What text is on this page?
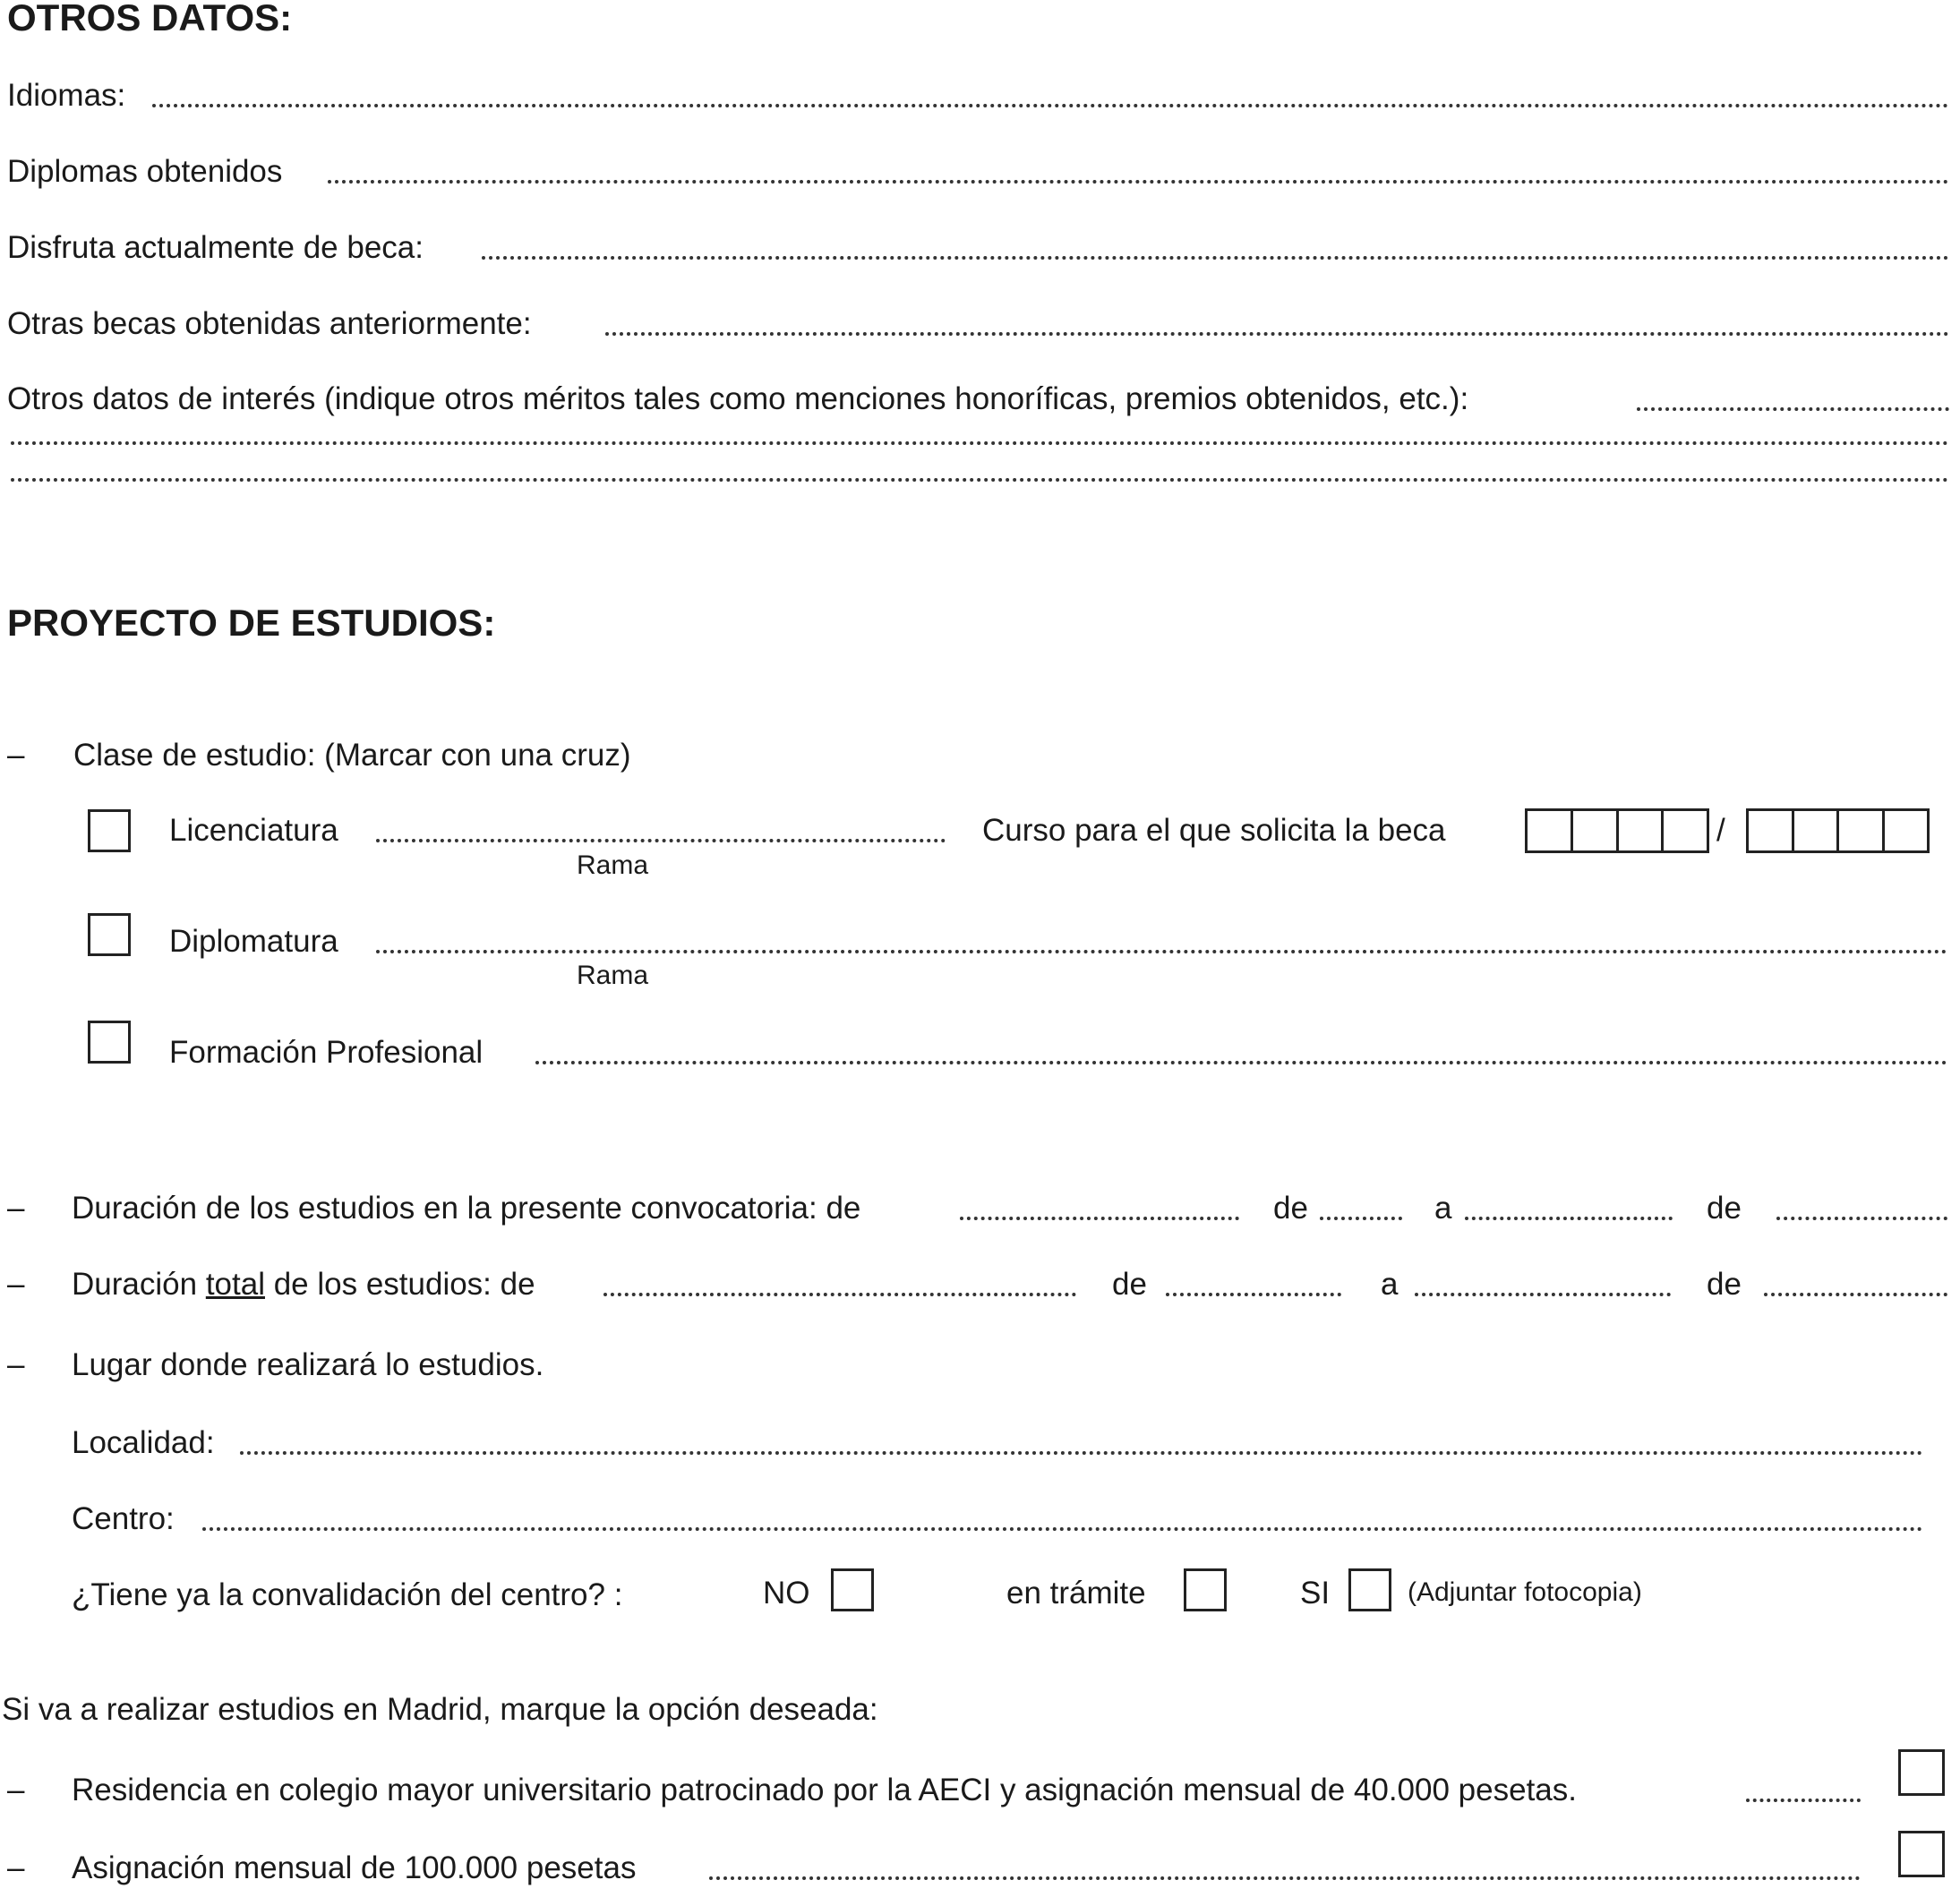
OTROS DATOS:
Idiomas:
Diplomas obtenidos
Disfruta actualmente de beca:
Otras becas obtenidas anteriormente:
Otros datos de interés (indique otros méritos tales como menciones honoríficas, premios obtenidos, etc.):
PROYECTO DE ESTUDIOS:
– Clase de estudio: (Marcar con una cruz)
Licenciatura
Rama
Curso para el que solicita la beca	/
Diplomatura
Rama
Formación Profesional
– Duración de los estudios en la presente convocatoria: de	de	a	de
– Duración total de los estudios: de	de	a	de
– Lugar donde realizará lo estudios.
Localidad:
Centro:
¿Tiene ya la convalidación del centro? :	NO	en trámite	SI	(Adjuntar fotocopia)
Si va a realizar estudios en Madrid, marque la opción deseada:
– Residencia en colegio mayor universitario patrocinado por la AECI y asignación mensual de 40.000 pesetas.
– Asignación mensual de 100.000 pesetas
